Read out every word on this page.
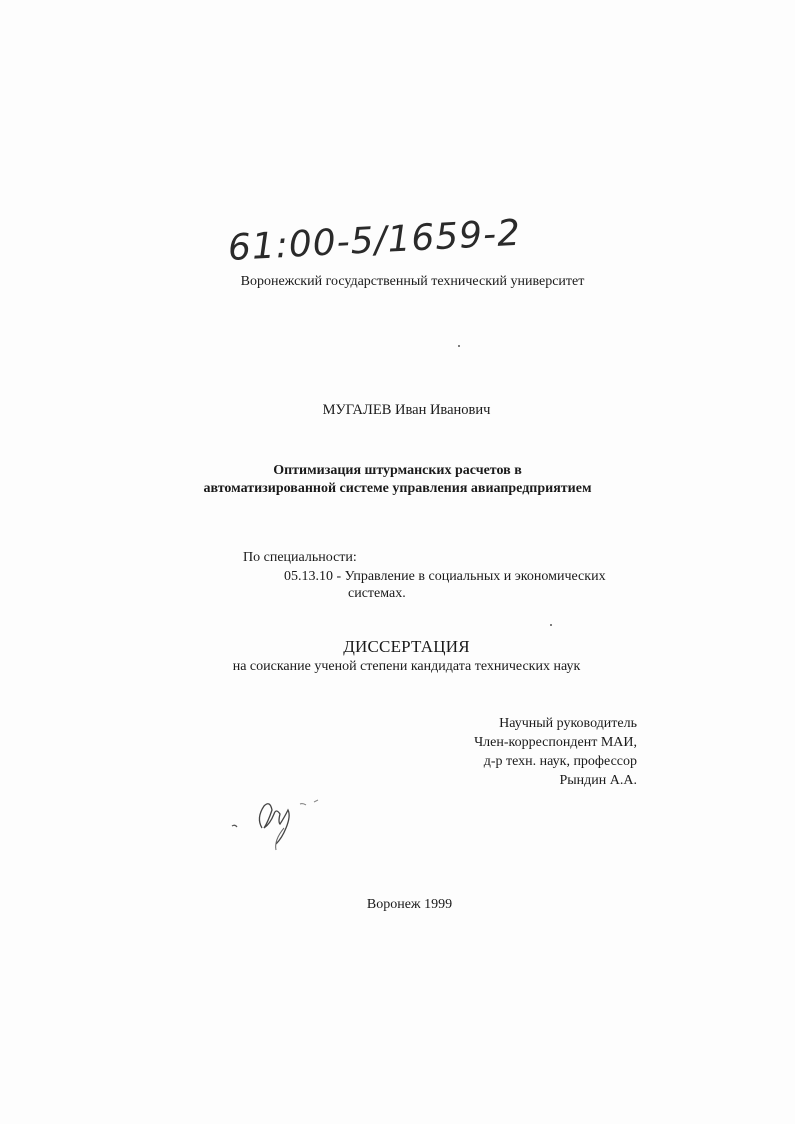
61:00-5/1659-2
Воронежский государственный технический университет
МУГАЛЕВ Иван Иванович
Оптимизация штурманских расчетов в
автоматизированной системе управления авиапредприятием
По специальности:
05.13.10 - Управление в социальных и экономических
системах.
ДИССЕРТАЦИЯ
на соискание ученой степени кандидата технических наук
Научный руководитель
Член-корреспондент МАИ,
д-р техн. наук, профессор
Рындин А.А.
Воронеж 1999
